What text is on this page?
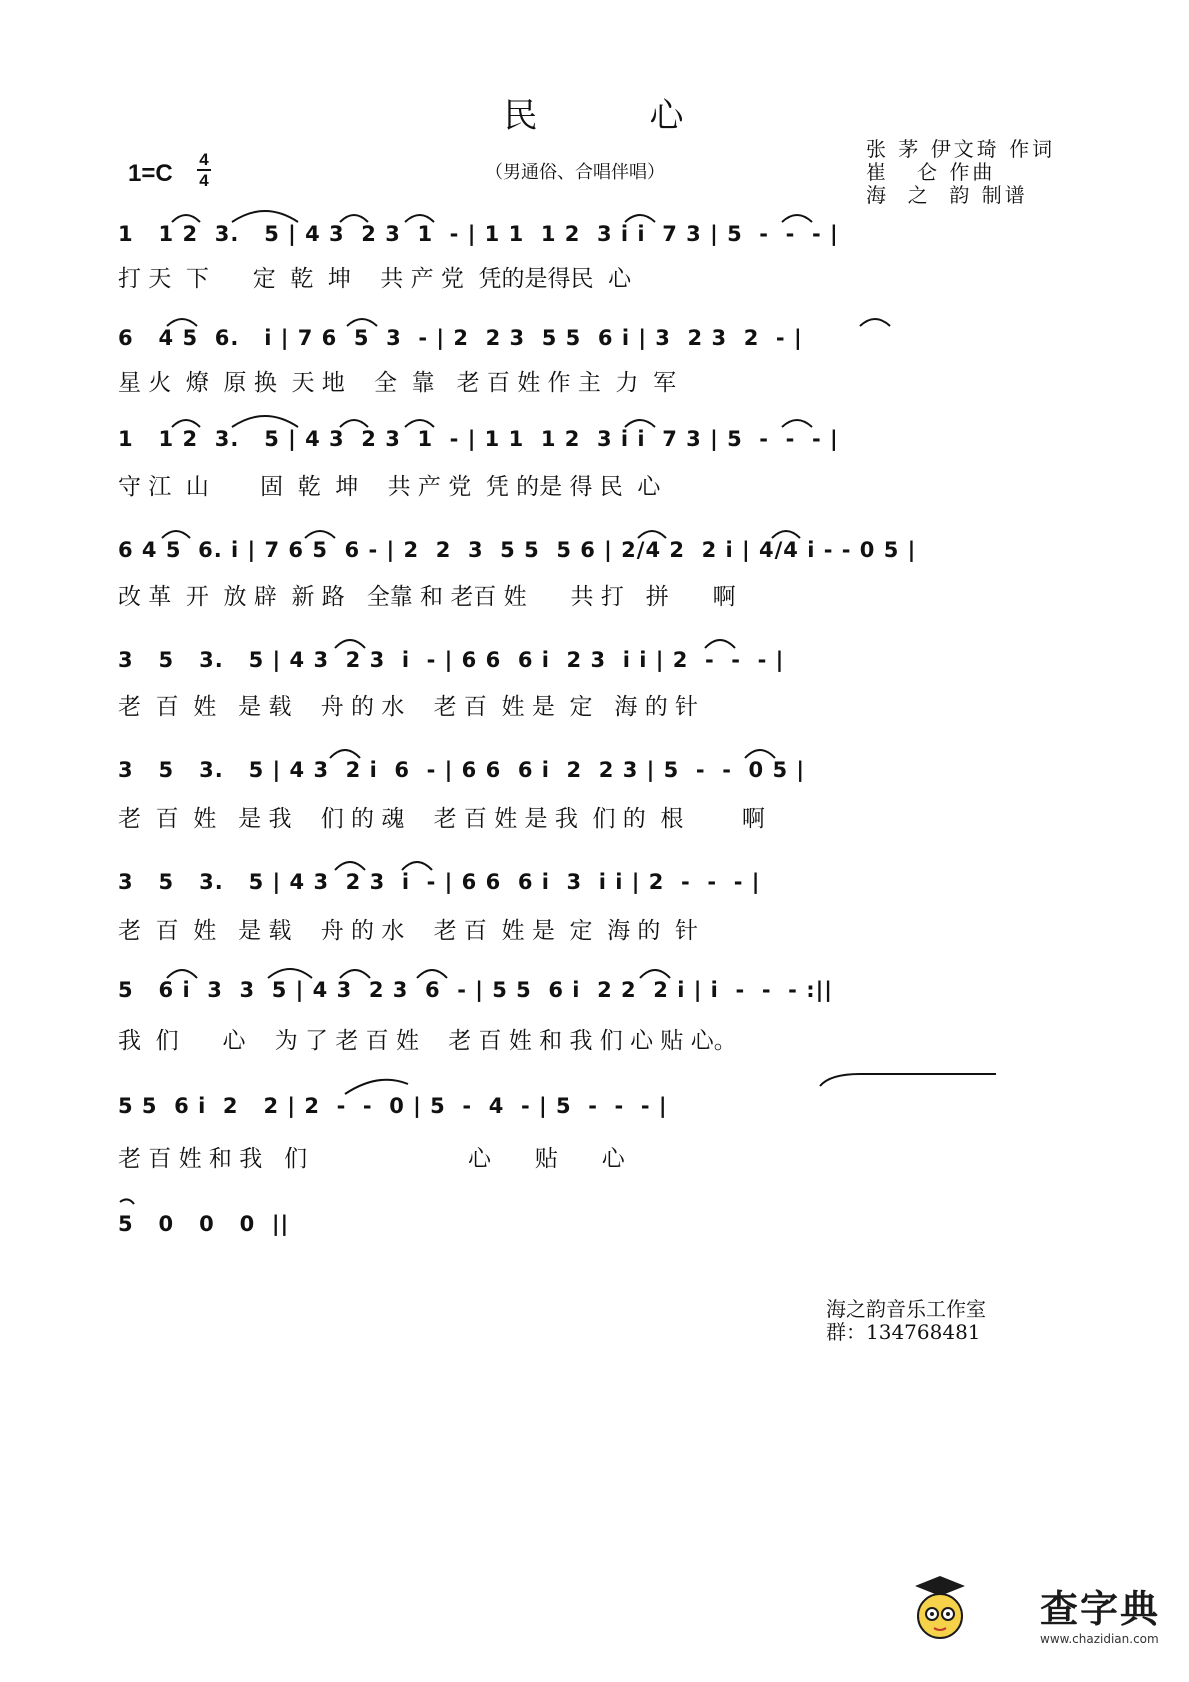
民	心
1=C
4
4	（男通俗、合唱伴唱）
张 茅 伊文琦 作词
崔   仑 作曲
海  之  韵 制谱
1   1 2  3.   5 | 4 3  2 3  1  - | 1 1  1 2  3 i i  7 3 | 5  -  -  - |
打 天  下      定  乾  坤    共 产 党  凭的是得民  心
6   4 5  6.   i | 7 6  5  3  - | 2  2 3  5 5  6 i | 3  2 3  2  - |
星 火  燎  原 换  天 地    全  靠   老 百 姓 作 主  力  军
1   1 2  3.   5 | 4 3  2 3  1  - | 1 1  1 2  3 i i  7 3 | 5  -  -  - |
守 江  山       固  乾  坤    共 产 党  凭 的是 得 民  心
6 4 5  6. i | 7 6 5  6 - | 2  2  3  5 5  5 6 | 2/4 2  2 i | 4/4 i - - 0 5 |
改 革  开  放 辟  新 路   全靠 和 老百 姓      共 打   拼      啊
3   5   3.   5 | 4 3  2 3  i  - | 6 6  6 i  2 3  i i | 2  -  -  - |
老  百  姓   是 载    舟 的 水    老 百  姓 是  定   海 的 针
3   5   3.   5 | 4 3  2 i  6  - | 6 6  6 i  2  2 3 | 5  -  -  0 5 |
老  百  姓   是 我    们 的 魂    老 百 姓 是 我  们 的  根        啊
3   5   3.   5 | 4 3  2 3  i  - | 6 6  6 i  3  i i | 2  -  -  - |
老  百  姓   是 载    舟 的 水    老 百  姓 是  定  海 的  针
5   6 i  3  3  5 | 4 3  2 3  6  - | 5 5  6 i  2 2  2 i | i  -  -  - :||
我  们      心    为 了 老 百 姓    老 百 姓 和 我 们 心 贴 心。
5 5  6 i  2   2 | 2  -  -  0 | 5  -  4  - | 5  -  -  - |
老 百 姓 和 我   们                      心      贴      心
5   0   0   0  ||
海之韵音乐工作室
群：134768481
查字典
www.chazidian.com
